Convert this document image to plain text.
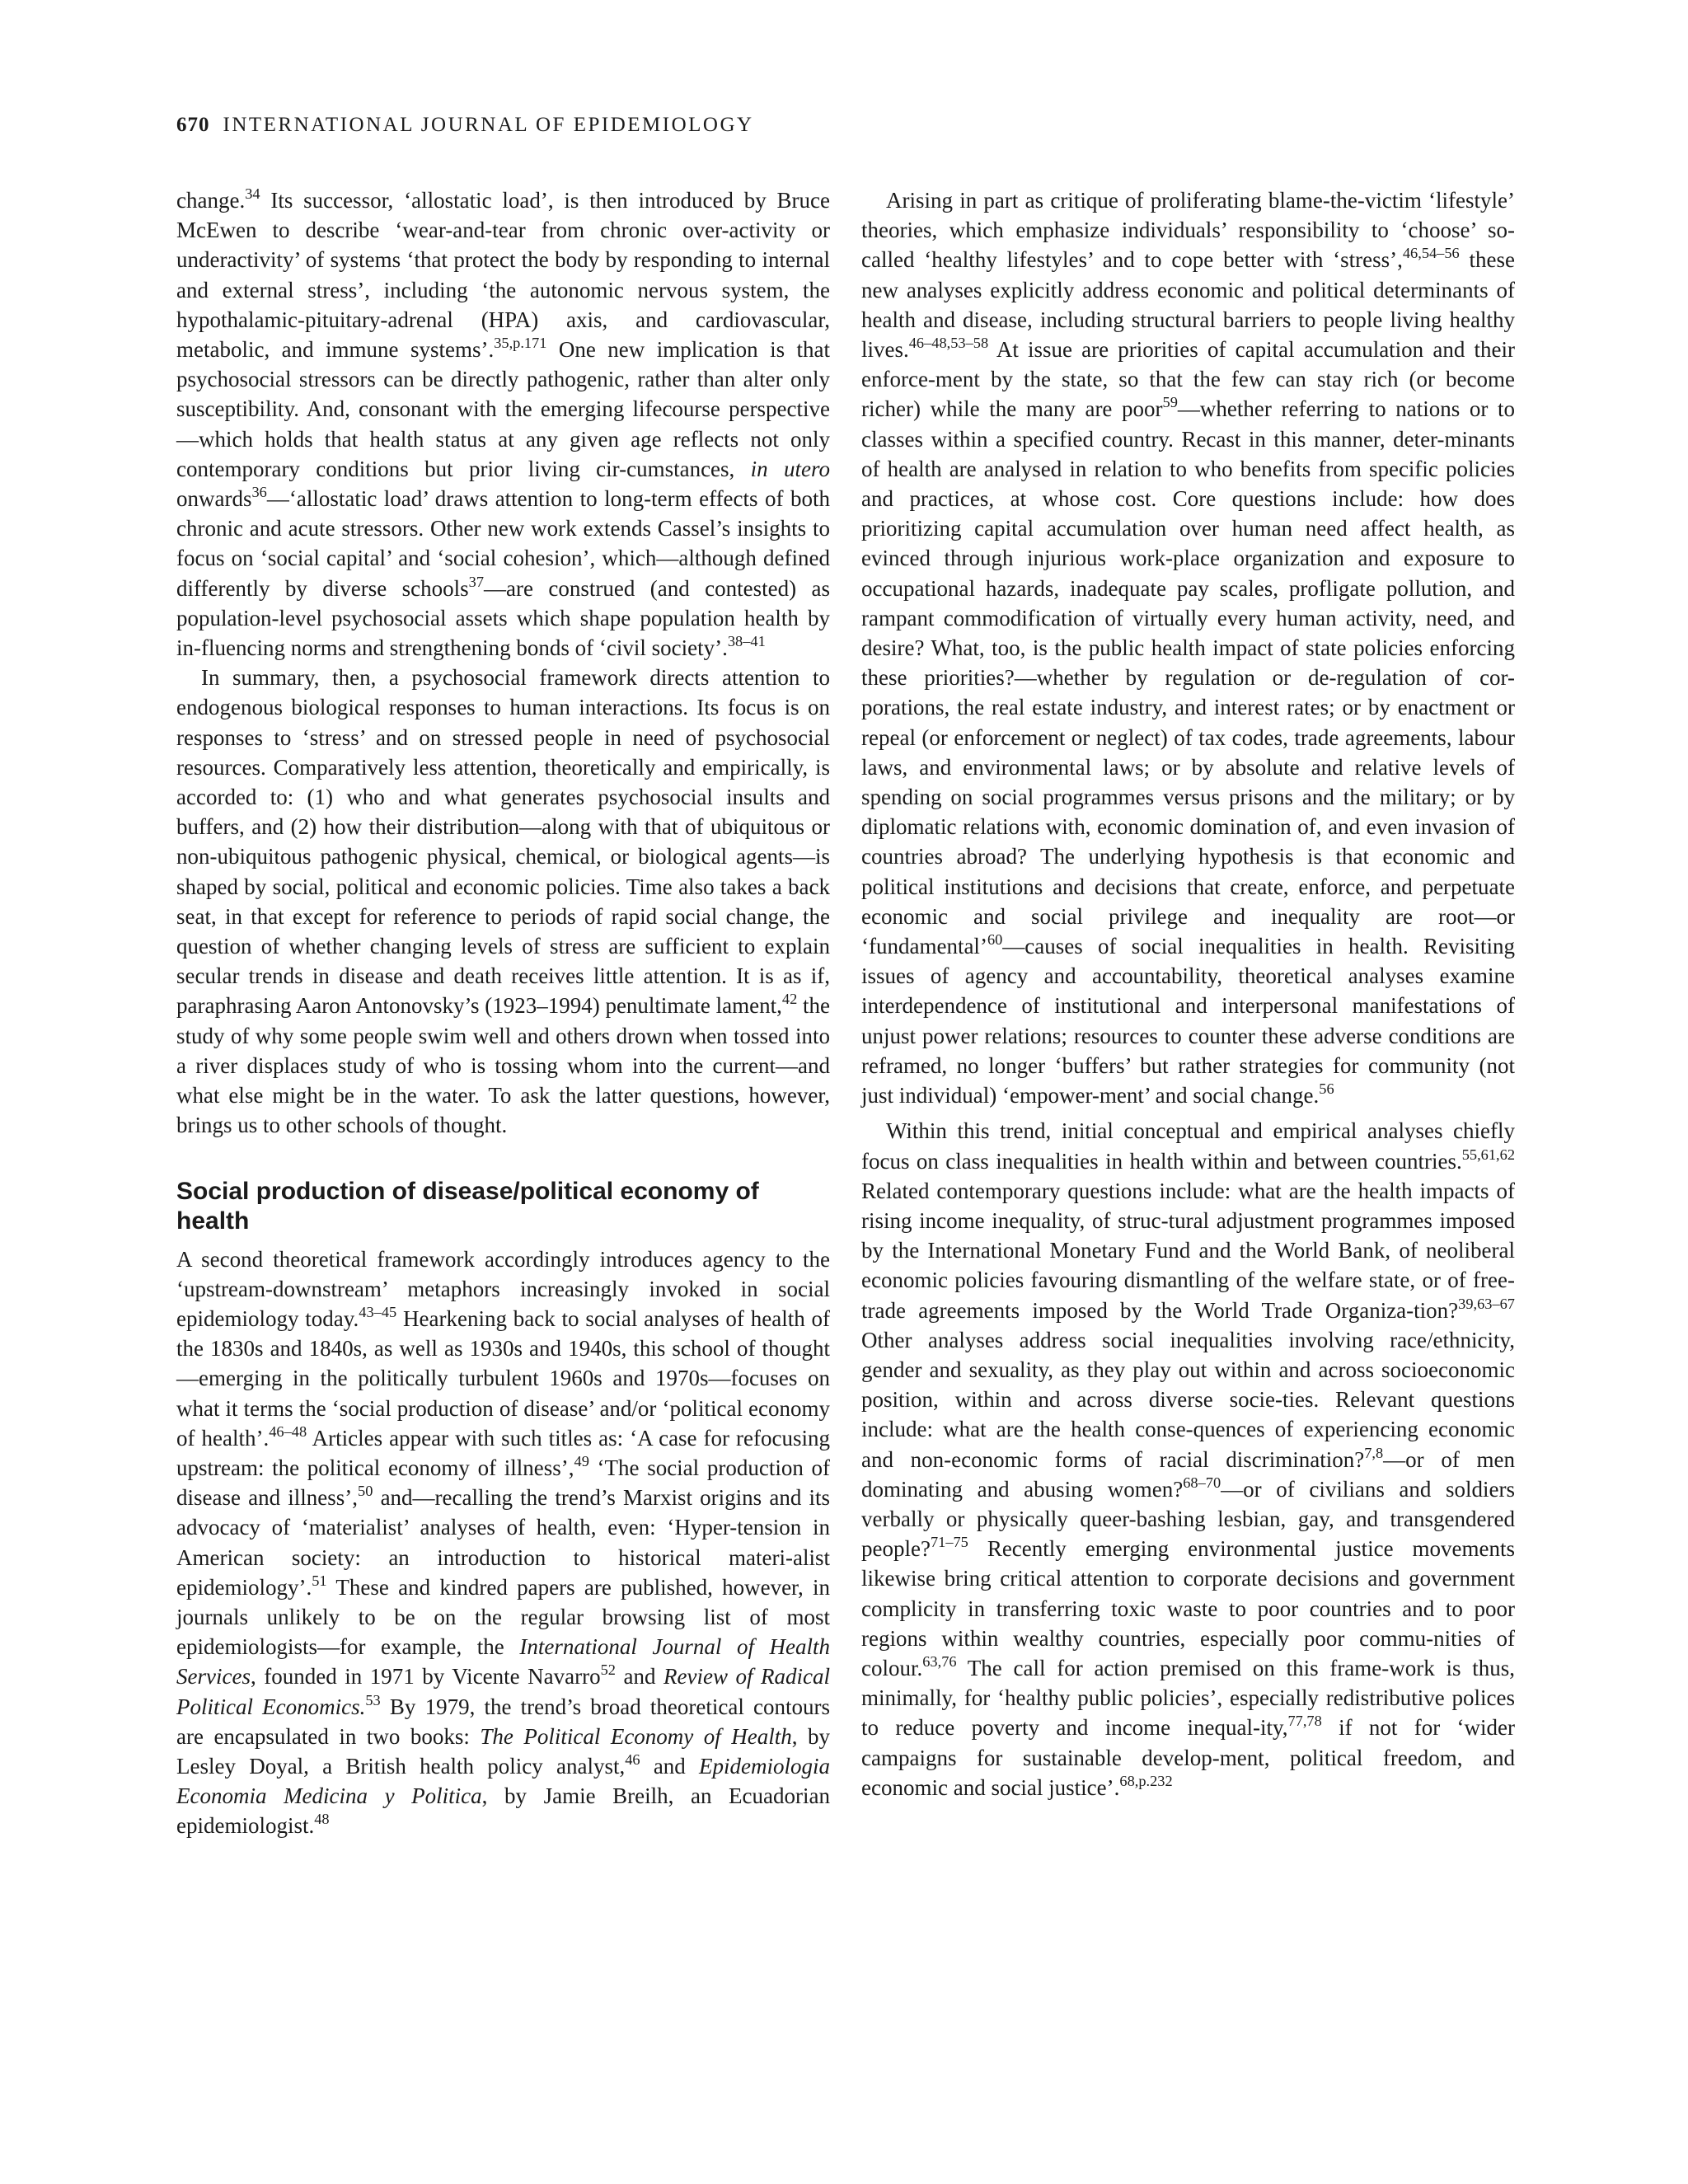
670 INTERNATIONAL JOURNAL OF EPIDEMIOLOGY

change.$^{34}$ Its successor, ‘allostatic load’, is then introduced by Bruce McEwen to describe ‘wear-and-tear from chronic over-activity or underactivity’ of systems ‘that protect the body by responding to internal and external stress’, including ‘the autonomic nervous system, the hypothalamic-pituitary-adrenal (HPA) axis, and cardiovascular, metabolic, and immune systems’.$^{35,p.171}$ One new implication is that psychosocial stressors can be directly pathogenic, rather than alter only susceptibility. And, consonant with the emerging lifecourse perspective—which holds that health status at any given age reflects not only contemporary conditions but prior living cir-cumstances, in utero onwards$^{36}$—‘allostatic load’ draws attention to long-term effects of both chronic and acute stressors. Other new work extends Cassel’s insights to focus on ‘social capital’ and ‘social cohesion’, which—although defined differently by diverse schools$^{37}$—are construed (and contested) as population-level psychosocial assets which shape population health by in-fluencing norms and strengthening bonds of ‘civil society’.$^{38-41}$

In summary, then, a psychosocial framework directs attention to endogenous biological responses to human interactions. Its focus is on responses to ‘stress’ and on stressed people in need of psychosocial resources. Comparatively less attention, theoretically and empirically, is accorded to: (1) who and what generates psychosocial insults and buffers, and (2) how their distribution—along with that of ubiquitous or non-ubiquitous pathogenic physical, chemical, or biological agents—is shaped by social, political and economic policies. Time also takes a back seat, in that except for reference to periods of rapid social change, the question of whether changing levels of stress are sufficient to explain secular trends in disease and death receives little attention. It is as if, paraphrasing Aaron Antonovsky’s (1923–1994) penultimate lament,$^{42}$ the study of why some people swim well and others drown when tossed into a river displaces study of who is tossing whom into the current—and what else might be in the water. To ask the latter questions, however, brings us to other schools of thought.

Social production of disease/political economy of health

A second theoretical framework accordingly introduces agency to the ‘upstream-downstream’ metaphors increasingly invoked in social epidemiology today.$^{43-45}$ Hearkening back to social analyses of health of the 1830s and 1840s, as well as 1930s and 1940s, this school of thought—emerging in the politically turbulent 1960s and 1970s—focuses on what it terms the ‘social production of disease’ and/or ‘political economy of health’.$^{46-48}$ Articles appear with such titles as: ‘A case for refocusing upstream: the political economy of illness’,$^{49}$ ‘The social production of disease and illness’,$^{50}$ and—recalling the trend’s Marxist origins and its advocacy of ‘materialist’ analyses of health, even: ‘Hyper-tension in American society: an introduction to historical materi-alist epidemiology’.$^{51}$ These and kindred papers are published, however, in journals unlikely to be on the regular browsing list of most epidemiologists—for example, the International Journal of Health Services, founded in 1971 by Vicente Navarro$^{52}$ and Review of Radical Political Economics.$^{53}$ By 1979, the trend’s broad theoretical contours are encapsulated in two books: The Political Economy of Health, by Lesley Doyal, a British health policy analyst,$^{46}$ and Epidemiologia Economia Medicina y Politica, by Jamie Breilh, an Ecuadorian epidemiologist.$^{48}$

Arising in part as critique of proliferating blame-the-victim ‘lifestyle’ theories, which emphasize individuals’ responsibility to ‘choose’ so-called ‘healthy lifestyles’ and to cope better with ‘stress’,$^{46,54-56}$ these new analyses explicitly address economic and political determinants of health and disease, including structural barriers to people living healthy lives.$^{46-48,53-58}$ At issue are priorities of capital accumulation and their enforce-ment by the state, so that the few can stay rich (or become richer) while the many are poor$^{59}$—whether referring to nations or to classes within a specified country. Recast in this manner, deter-minants of health are analysed in relation to who benefits from specific policies and practices, at whose cost. Core questions include: how does prioritizing capital accumulation over human need affect health, as evinced through injurious work-place organization and exposure to occupational hazards, inadequate pay scales, profligate pollution, and rampant commodification of virtually every human activity, need, and desire? What, too, is the public health impact of state policies enforcing these priorities?—whether by regulation or de-regulation of cor-porations, the real estate industry, and interest rates; or by enactment or repeal (or enforcement or neglect) of tax codes, trade agreements, labour laws, and environmental laws; or by absolute and relative levels of spending on social programmes versus prisons and the military; or by diplomatic relations with, economic domination of, and even invasion of countries abroad? The underlying hypothesis is that economic and political institutions and decisions that create, enforce, and perpetuate economic and social privilege and inequality are root—or ‘fundamental’$^{60}$—causes of social inequalities in health. Revisiting issues of agency and accountability, theoretical analyses examine interdependence of institutional and interpersonal manifestations of unjust power relations; resources to counter these adverse conditions are reframed, no longer ‘buffers’ but rather strategies for community (not just individual) ‘empower-ment’ and social change.$^{56}$

Within this trend, initial conceptual and empirical analyses chiefly focus on class inequalities in health within and between countries.$^{55,61,62}$ Related contemporary questions include: what are the health impacts of rising income inequality, of struc-tural adjustment programmes imposed by the International Monetary Fund and the World Bank, of neoliberal economic policies favouring dismantling of the welfare state, or of free-trade agreements imposed by the World Trade Organiza-tion?$^{39,63-67}$ Other analyses address social inequalities involving race/ethnicity, gender and sexuality, as they play out within and across socioeconomic position, within and across diverse socie-ties. Relevant questions include: what are the health conse-quences of experiencing economic and non-economic forms of racial discrimination?$^{7,8}$—or of men dominating and abusing women?$^{68-70}$—or of civilians and soldiers verbally or physically queer-bashing lesbian, gay, and transgendered people?$^{71-75}$ Recently emerging environmental justice movements likewise bring critical attention to corporate decisions and government complicity in transferring toxic waste to poor countries and to poor regions within wealthy countries, especially poor commu-nities of colour.$^{63,76}$ The call for action premised on this frame-work is thus, minimally, for ‘healthy public policies’, especially redistributive polices to reduce poverty and income inequal-ity,$^{77,78}$ if not for ‘wider campaigns for sustainable develop-ment, political freedom, and economic and social justice’.$^{68,p.232}$
